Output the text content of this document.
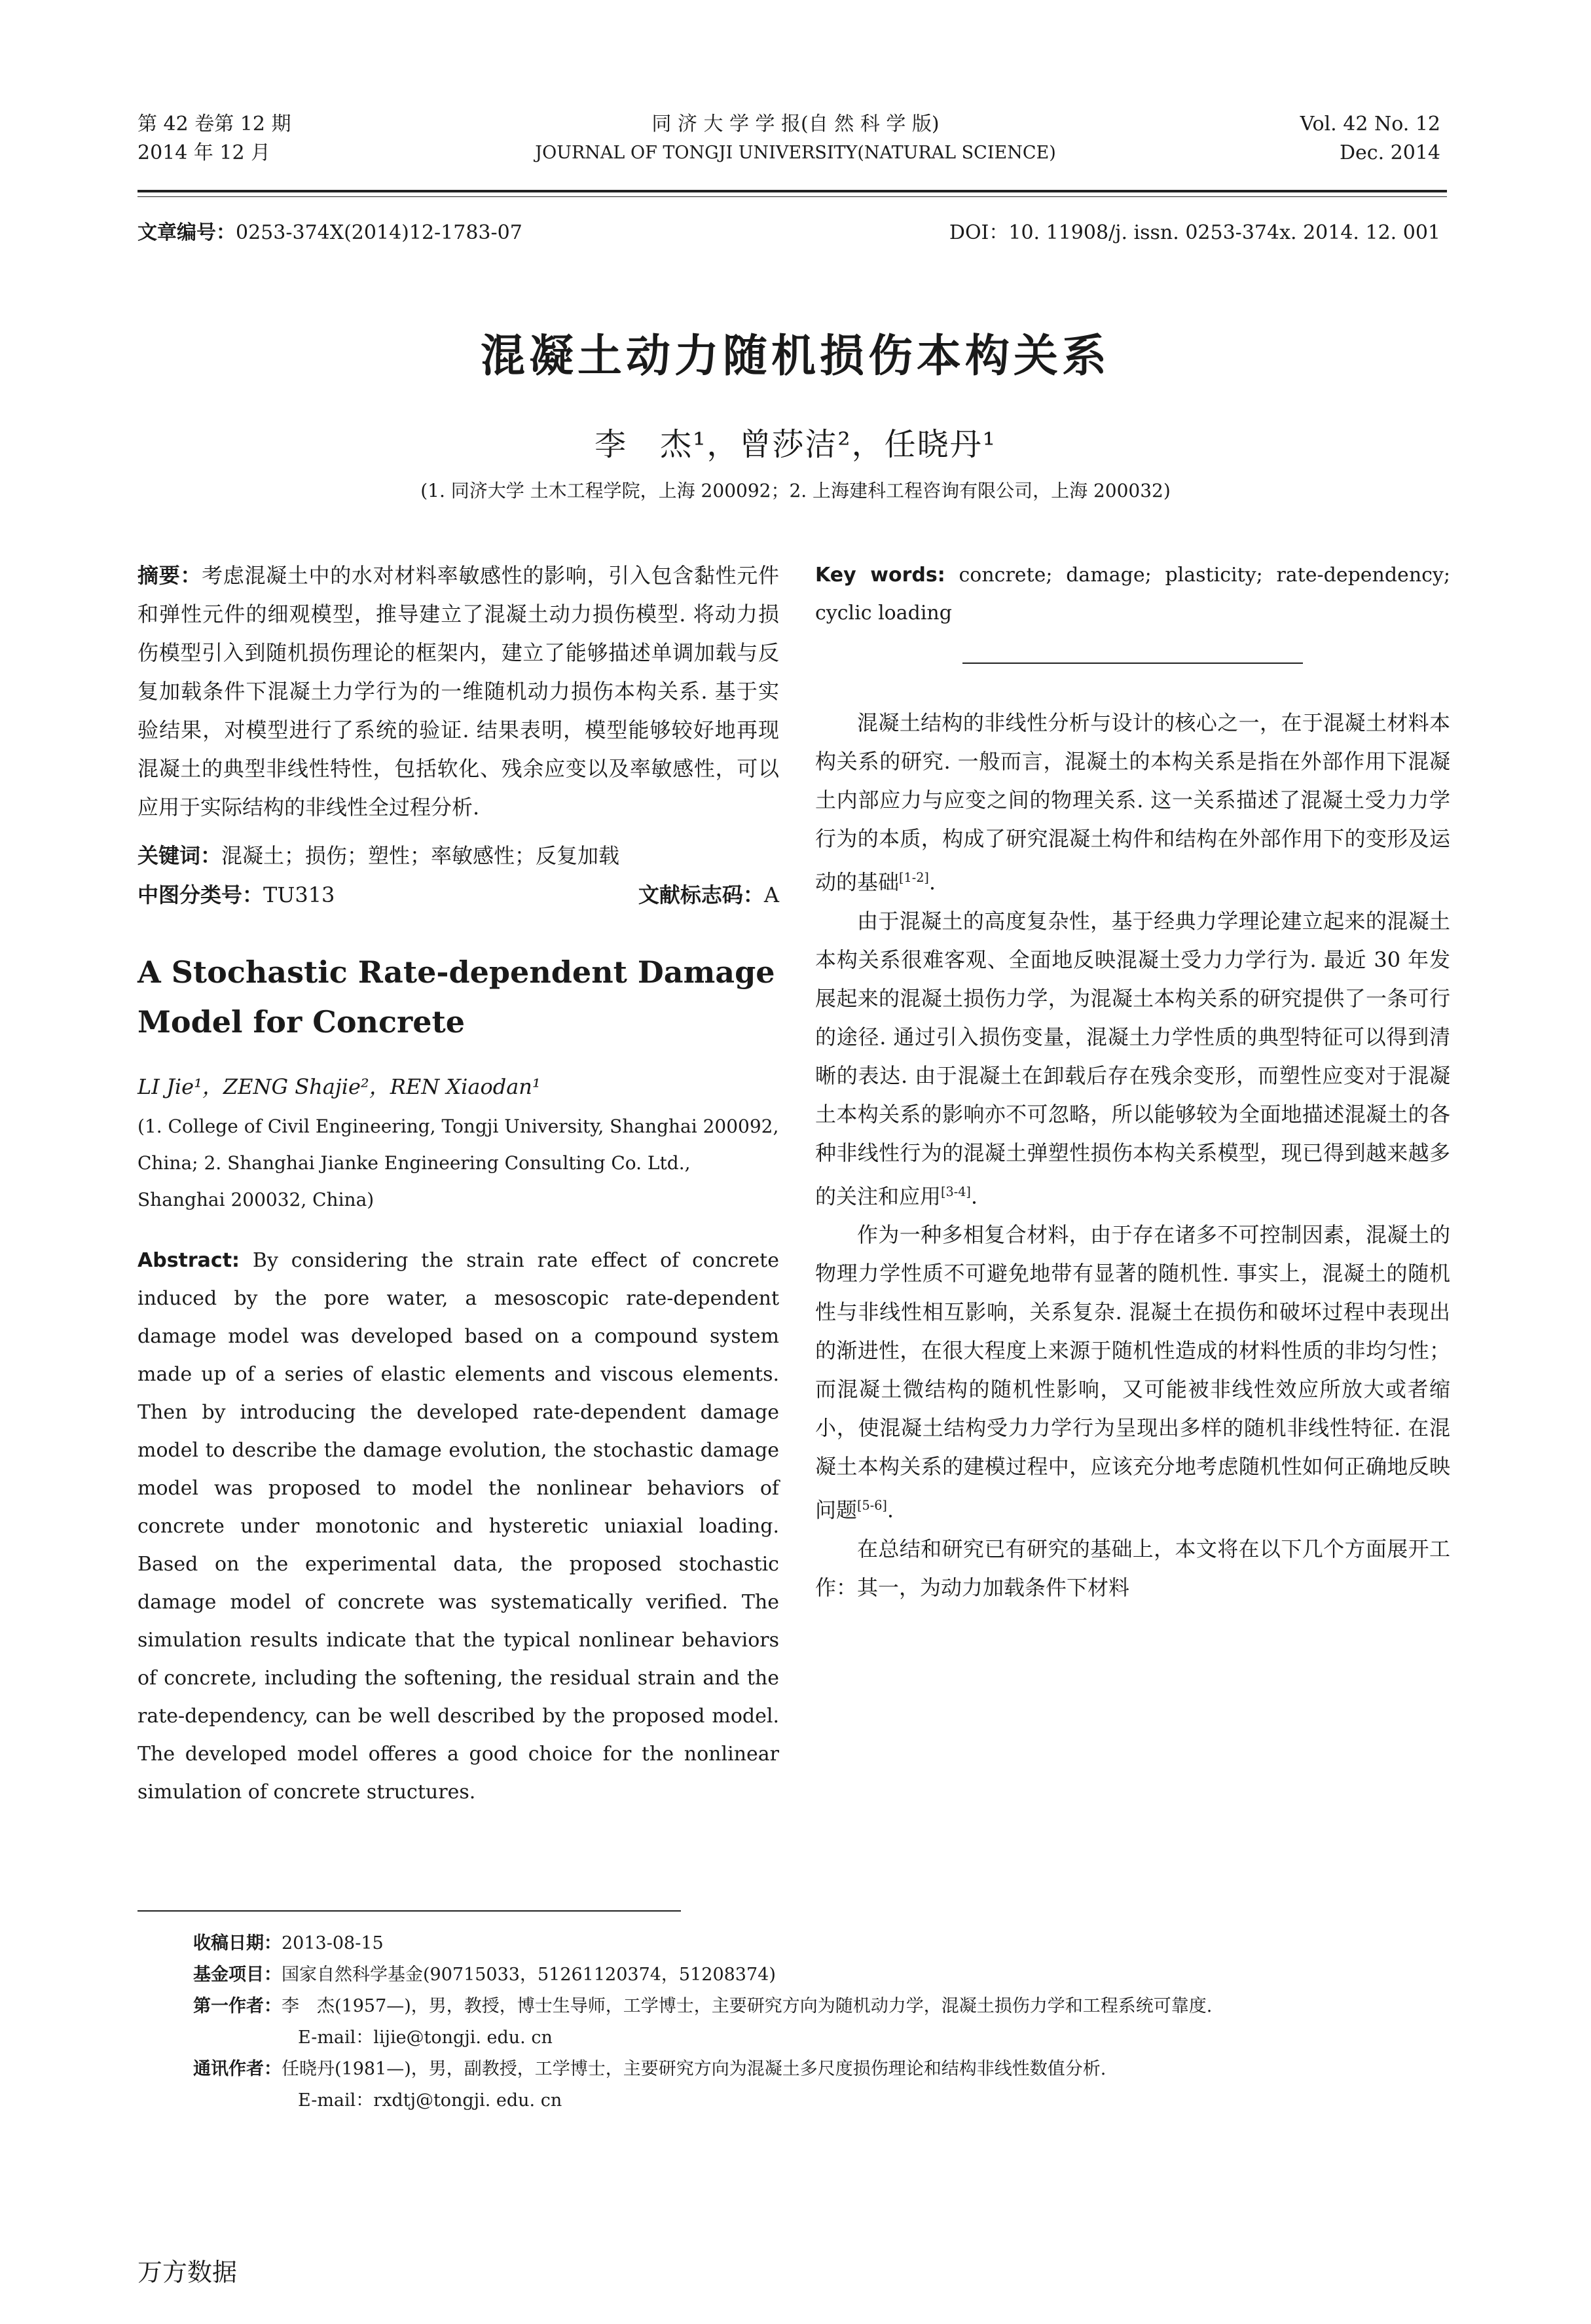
第 42 卷第 12 期
2014 年 12 月
同 济 大 学 学 报(自 然 科 学 版)
JOURNAL OF TONGJI UNIVERSITY(NATURAL SCIENCE)
Vol. 42 No. 12
Dec. 2014
文章编号：0253-374X(2014)12-1783-07	DOI：10. 11908/j. issn. 0253-374x. 2014. 12. 001
混凝土动力随机损伤本构关系
李　杰¹，曾莎洁²，任晓丹¹
(1. 同济大学 土木工程学院，上海 200092；2. 上海建科工程咨询有限公司，上海 200032)
摘要：考虑混凝土中的水对材料率敏感性的影响，引入包含黏性元件和弹性元件的细观模型，推导建立了混凝土动力损伤模型. 将动力损伤模型引入到随机损伤理论的框架内，建立了能够描述单调加载与反复加载条件下混凝土力学行为的一维随机动力损伤本构关系. 基于实验结果，对模型进行了系统的验证. 结果表明，模型能够较好地再现混凝土的典型非线性特性，包括软化、残余应变以及率敏感性，可以应用于实际结构的非线性全过程分析.
关键词：混凝土；损伤；塑性；率敏感性；反复加载
中图分类号：TU313	文献标志码：A
A Stochastic Rate-dependent Damage Model for Concrete
LI Jie¹，ZENG Shajie²，REN Xiaodan¹
(1. College of Civil Engineering, Tongji University, Shanghai 200092, China; 2. Shanghai Jianke Engineering Consulting Co. Ltd., Shanghai 200032, China)
Abstract: By considering the strain rate effect of concrete induced by the pore water, a mesoscopic rate-dependent damage model was developed based on a compound system made up of a series of elastic elements and viscous elements. Then by introducing the developed rate-dependent damage model to describe the damage evolution, the stochastic damage model was proposed to model the nonlinear behaviors of concrete under monotonic and hysteretic uniaxial loading. Based on the experimental data, the proposed stochastic damage model of concrete was systematically verified. The simulation results indicate that the typical nonlinear behaviors of concrete, including the softening, the residual strain and the rate-dependency, can be well described by the proposed model. The developed model offeres a good choice for the nonlinear simulation of concrete structures.
Key words: concrete; damage; plasticity; rate-dependency; cyclic loading
混凝土结构的非线性分析与设计的核心之一，在于混凝土材料本构关系的研究. 一般而言，混凝土的本构关系是指在外部作用下混凝土内部应力与应变之间的物理关系. 这一关系描述了混凝土受力力学行为的本质，构成了研究混凝土构件和结构在外部作用下的变形及运动的基础[1-2].
由于混凝土的高度复杂性，基于经典力学理论建立起来的混凝土本构关系很难客观、全面地反映混凝土受力力学行为. 最近 30 年发展起来的混凝土损伤力学，为混凝土本构关系的研究提供了一条可行的途径. 通过引入损伤变量，混凝土力学性质的典型特征可以得到清晰的表达. 由于混凝土在卸载后存在残余变形，而塑性应变对于混凝土本构关系的影响亦不可忽略，所以能够较为全面地描述混凝土的各种非线性行为的混凝土弹塑性损伤本构关系模型，现已得到越来越多的关注和应用[3-4].
作为一种多相复合材料，由于存在诸多不可控制因素，混凝土的物理力学性质不可避免地带有显著的随机性. 事实上，混凝土的随机性与非线性相互影响，关系复杂. 混凝土在损伤和破坏过程中表现出的渐进性，在很大程度上来源于随机性造成的材料性质的非均匀性；而混凝土微结构的随机性影响，又可能被非线性效应所放大或者缩小，使混凝土结构受力力学行为呈现出多样的随机非线性特征. 在混凝土本构关系的建模过程中，应该充分地考虑随机性如何正确地反映问题[5-6].
在总结和研究已有研究的基础上，本文将在以下几个方面展开工作：其一，为动力加载条件下材料
收稿日期：2013-08-15
基金项目：国家自然科学基金(90715033，51261120374，51208374)
第一作者：李　杰(1957—)，男，教授，博士生导师，工学博士，主要研究方向为随机动力学，混凝土损伤力学和工程系统可靠度.
E-mail：lijie@tongji. edu. cn
通讯作者：任晓丹(1981—)，男，副教授，工学博士，主要研究方向为混凝土多尺度损伤理论和结构非线性数值分析.
E-mail：rxdtj@tongji. edu. cn
万方数据
